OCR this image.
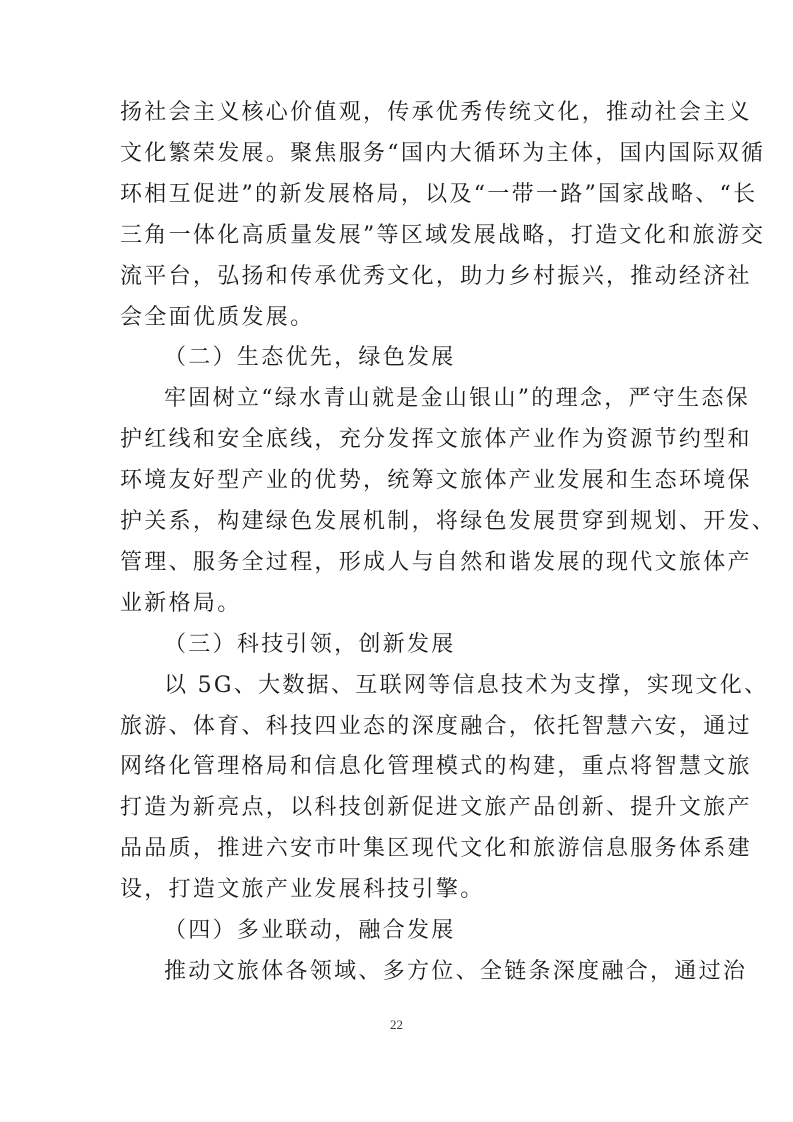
扬社会主义核心价值观，传承优秀传统文化，推动社会主义

文化繁荣发展。聚焦服务“国内大循环为主体，国内国际双循

环相互促进”的新发展格局，以及“一带一路”国家战略、“长

三角一体化高质量发展”等区域发展战略，打造文化和旅游交

流平台，弘扬和传承优秀文化，助力乡村振兴，推动经济社

会全面优质发展。

（二）生态优先，绿色发展

牢固树立“绿水青山就是金山银山”的理念，严守生态保

护红线和安全底线，充分发挥文旅体产业作为资源节约型和

环境友好型产业的优势，统筹文旅体产业发展和生态环境保

护关系，构建绿色发展机制，将绿色发展贯穿到规划、开发、

管理、服务全过程，形成人与自然和谐发展的现代文旅体产

业新格局。

（三）科技引领，创新发展

以 5G、大数据、互联网等信息技术为支撑，实现文化、

旅游、体育、科技四业态的深度融合，依托智慧六安，通过

网络化管理格局和信息化管理模式的构建，重点将智慧文旅

打造为新亮点，以科技创新促进文旅产品创新、提升文旅产

品品质，推进六安市叶集区现代文化和旅游信息服务体系建

设，打造文旅产业发展科技引擎。

（四）多业联动，融合发展

推动文旅体各领域、多方位、全链条深度融合，通过治

22
